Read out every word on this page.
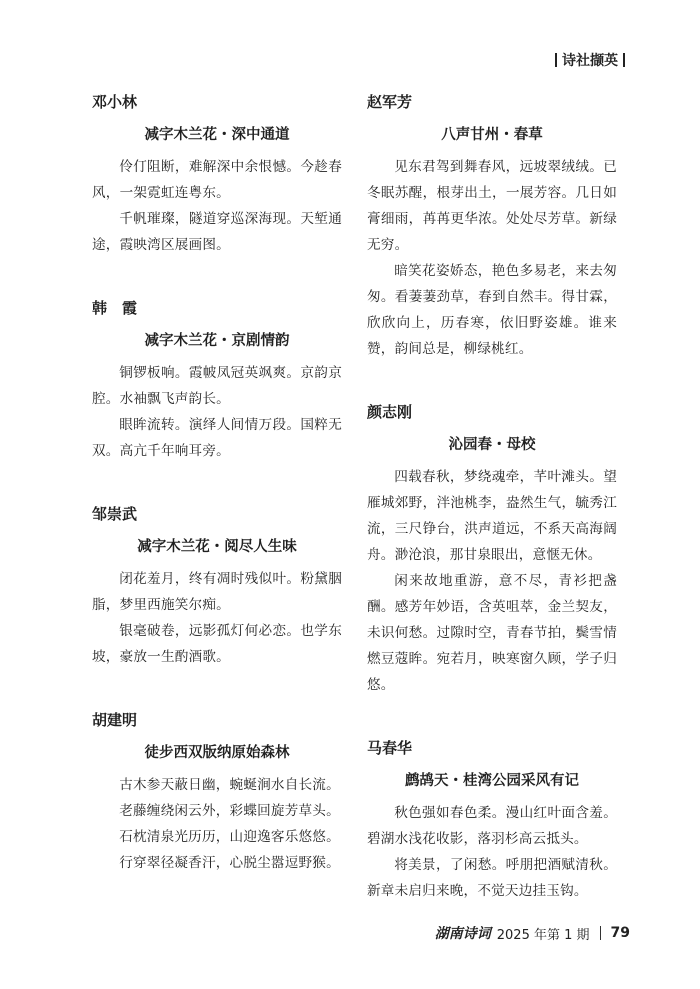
诗社撷英
邓小林
减字木兰花・深中通道

伶仃阻断，难解深中余恨憾。今趁春风，一架霓虹连粤东。

千帆璀璨，隧道穿巡深海现。天堑通途，霞映湾区展画图。

韩　霞
减字木兰花・京剧情韵

铜锣板响。霞帔凤冠英飒爽。京韵京腔。水袖飘飞声韵长。

眼眸流转。演绎人间情万段。国粹无双。高亢千年响耳旁。

邹崇武
减字木兰花・阅尽人生味

闭花羞月，终有凋时残似叶。粉黛胭脂，梦里西施笑尔痴。

银毫破卷，远影孤灯何必恋。也学东坡，豪放一生酌酒歌。

胡建明
徒步西双版纳原始森林

古木参天蔽日幽，蜿蜒涧水自长流。

老藤缠绕闲云外，彩蝶回旋芳草头。

石枕清泉光历历，山迎逸客乐悠悠。

行穿翠径凝香汗，心脱尘嚣逗野猴。

赵军芳
八声甘州・春草

见东君驾到舞春风，远坡翠绒绒。已冬眠苏醒，根芽出土，一展芳容。几日如膏细雨，苒苒更华浓。处处尽芳草。新绿无穷。

暗笑花姿娇态，艳色多易老，来去匆匆。看萋萋劲草，春到自然丰。得甘霖，欣欣向上，历春寒，依旧野姿雄。谁来赞，韵间总是，柳绿桃红。

颜志刚
沁园春・母校

四载春秋，梦绕魂牵，芊叶滩头。望雁城郊野，泮池桃李，盎然生气，毓秀江流，三尺铮台，洪声道远，不系天高海阔舟。渺沧浪，那甘泉眼出，意惬无休。

闲来故地重游，意不尽，青衫把盏酬。感芳年妙语，含英咀萃，金兰契友，未识何愁。过隙时空，青春节拍，鬓雪情燃豆蔻眸。宛若月，映寒窗久顾，学子归悠。

马春华
鹧鸪天・桂湾公园采风有记

秋色强如春色柔。漫山红叶面含羞。碧湖水浅花收影，落羽杉高云抵头。

将美景，了闲愁。呼朋把酒赋清秋。新章未启归来晚，不觉天边挂玉钩。

湖南诗词 2025 年第 1 期 79
